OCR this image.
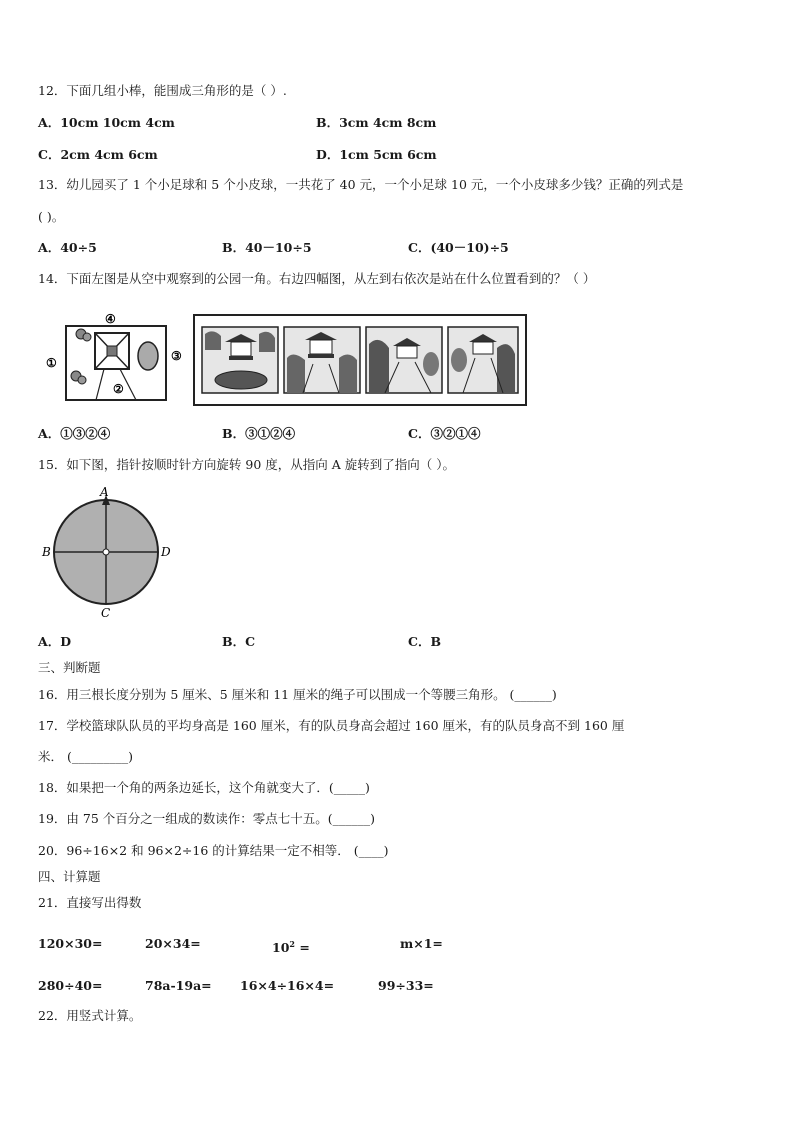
12．下面几组小棒，能围成三角形的是（ ）.
A．10cm 10cm 4cm	B．3cm 4cm 8cm
C．2cm 4cm 6cm	D．1cm 5cm 6cm
13．幼儿园买了 1 个小足球和 5 个小皮球，一共花了 40 元，一个小足球 10 元，一个小皮球多少钱？正确的列式是
( )。
A．40÷5	B．40－10÷5	C．(40－10)÷5
14．下面左图是从空中观察到的公园一角。右边四幅图，从左到右依次是站在什么位置看到的？（ ）
④
①	③
②
A．①③②④	B．③①②④	C．③②①④
15．如下图，指针按顺时针方向旋转 90 度，从指向 A 旋转到了指向（ ）。
A
B	D
C
A．D	B．C	C．B
三、判断题
16．用三根长度分别为 5 厘米、5 厘米和 11 厘米的绳子可以围成一个等腰三角形。 (______)
17．学校篮球队队员的平均身高是 160 厘米，有的队员身高会超过 160 厘米，有的队员身高不到 160 厘
米． (_________)
18．如果把一个角的两条边延长，这个角就变大了．(_____)
19．由 75 个百分之一组成的数读作：零点七十五。(______)
20．96÷16×2 和 96×2÷16 的计算结果一定不相等． (____)
四、计算题
21．直接写出得数
120×30=	20×34=	$10^2$ =	m×1=
280÷40=	78a-19a= 16×4÷16×4=	99÷33=
22．用竖式计算。
